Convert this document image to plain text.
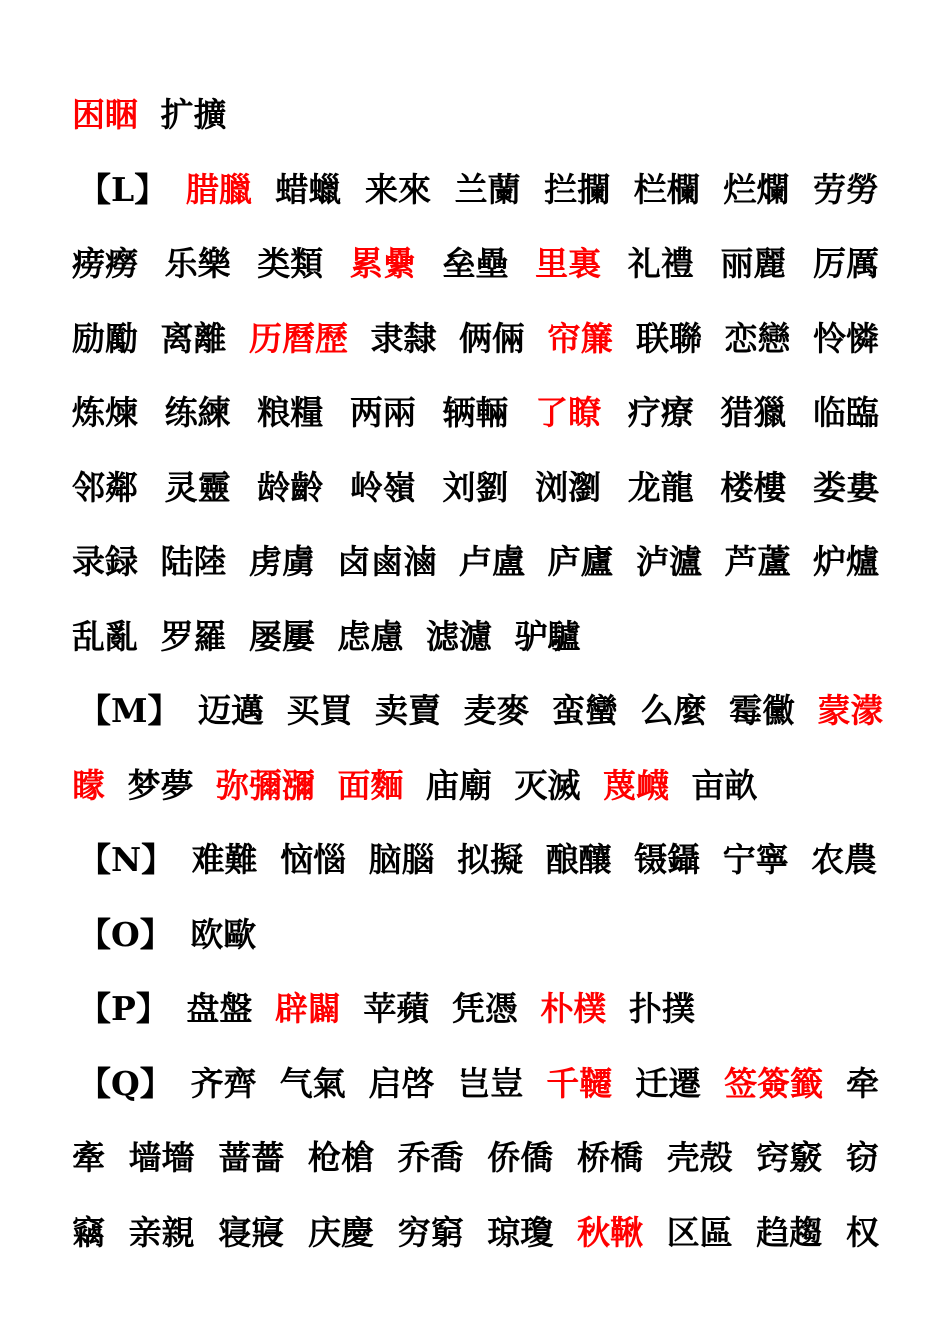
困睏 扩擴
【L】 腊臘 蜡蠟 来來 兰蘭 拦攔 栏欄 烂爛 劳勞
痨癆 乐樂 类類 累纍 垒壘 里裏 礼禮 丽麗 厉厲
励勵 离離 历曆歷 隶隸 俩倆 帘簾 联聯 恋戀 怜憐
炼煉 练練 粮糧 两兩 辆輛 了瞭 疗療 猎獵 临臨
邻鄰 灵靈 龄齡 岭嶺 刘劉 浏瀏 龙龍 楼樓 娄婁
录録 陆陸 虏虜 卤鹵滷 卢盧 庐廬 泸瀘 芦蘆 炉爐
乱亂 罗羅 屡屢 虑慮 滤濾 驴驢
【M】 迈邁 买買 卖賣 麦麥 蛮蠻 么麼 霉黴 蒙濛
矇 梦夢 弥彌瀰 面麵 庙廟 灭滅 蔑衊 亩畝
【N】 难難 恼惱 脑腦 拟擬 酿釀 镊鑷 宁寧 农農
【O】 欧歐
【P】 盘盤 辟闢 苹蘋 凭憑 朴樸 扑撲
【Q】 齐齊 气氣 启啓 岂豈 千韆 迁遷 签簽籤 牵
牽 墙墻 蔷薔 枪槍 乔喬 侨僑 桥橋 壳殻 窍竅 窃
竊 亲親 寝寢 庆慶 穷窮 琼瓊 秋鞦 区區 趋趨 权
